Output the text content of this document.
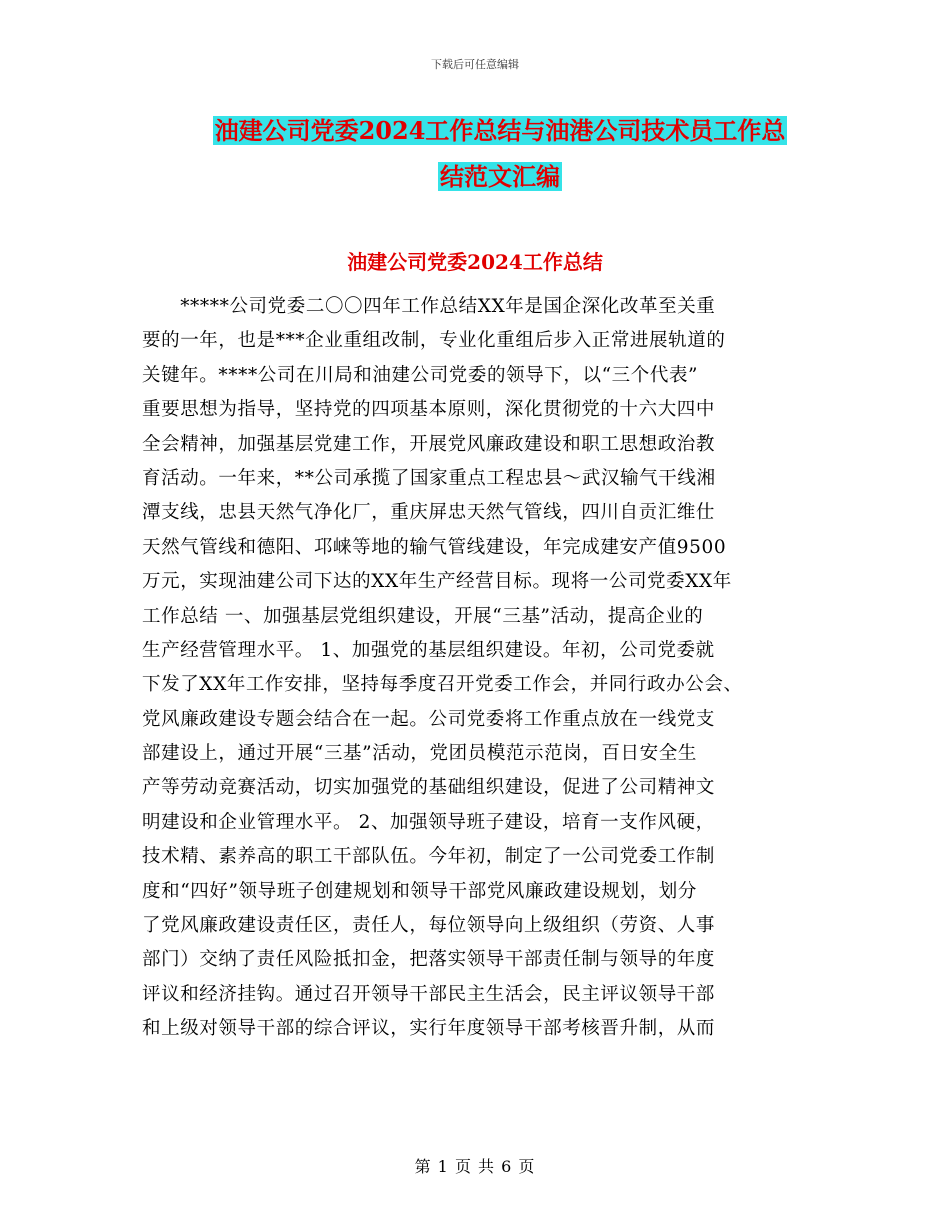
下载后可任意编辑
油建公司党委2024工作总结与油港公司技术员工作总
结范文汇编
油建公司党委2024工作总结
　　*****公司党委二〇〇四年工作总结XX年是国企深化改革至关重
要的一年，也是***企业重组改制，专业化重组后步入正常进展轨道的
关键年。****公司在川局和油建公司党委的领导下，以“三个代表”
重要思想为指导，坚持党的四项基本原则，深化贯彻党的十六大四中
全会精神，加强基层党建工作，开展党风廉政建设和职工思想政治教
育活动。一年来，**公司承揽了国家重点工程忠县～武汉输气干线湘
潭支线，忠县天然气净化厂，重庆屏忠天然气管线，四川自贡汇维仕
天然气管线和德阳、邛崃等地的输气管线建设，年完成建安产值9500
万元，实现油建公司下达的XX年生产经营目标。现将一公司党委XX年
工作总结 一、加强基层党组织建设，开展“三基”活动，提高企业的
生产经营管理水平。 1、加强党的基层组织建设。年初，公司党委就
下发了XX年工作安排，坚持每季度召开党委工作会，并同行政办公会、
党风廉政建设专题会结合在一起。公司党委将工作重点放在一线党支
部建设上，通过开展“三基”活动，党团员模范示范岗，百日安全生
产等劳动竞赛活动，切实加强党的基础组织建设，促进了公司精神文
明建设和企业管理水平。 2、加强领导班子建设，培育一支作风硬，
技术精、素养高的职工干部队伍。今年初，制定了一公司党委工作制
度和“四好”领导班子创建规划和领导干部党风廉政建设规划，划分
了党风廉政建设责任区，责任人，每位领导向上级组织（劳资、人事
部门）交纳了责任风险抵扣金，把落实领导干部责任制与领导的年度
评议和经济挂钩。通过召开领导干部民主生活会，民主评议领导干部
和上级对领导干部的综合评议，实行年度领导干部考核晋升制，从而
第 1 页 共 6 页
